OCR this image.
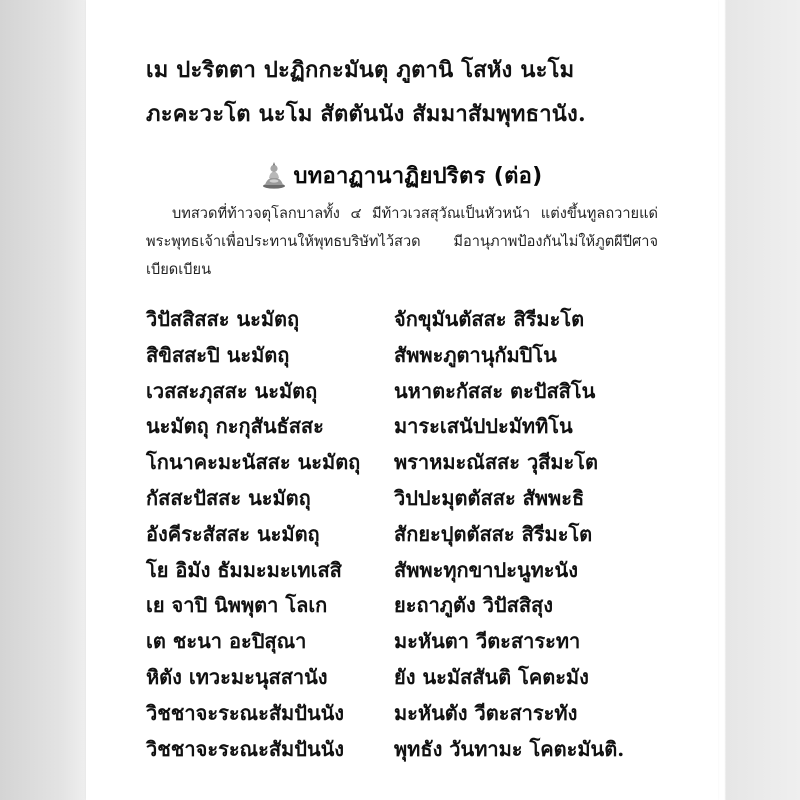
เม ปะริตตา ปะฏิกกะมันตุ ภูตานิ โสหัง นะโม

ภะคะวะโต นะโม สัตตันนัง สัมมาสัมพุทธานัง.

บทอาฏานาฏิยปริตร (ต่อ)

บทสวดที่ท้าวจตุโลกบาลทั้ง ๔ มีท้าวเวสสุวัณเป็นหัวหน้า แต่งขึ้นทูลถวายแด่พระพุทธเจ้าเพื่อประทานให้พุทธบริษัทไว้สวด มีอานุภาพป้องกันไม่ให้ภูตผีปีศาจเบียดเบียน

วิปัสสิสสะ นะมัตถุ	จักขุมันตัสสะ สิรีมะโต
สิขิสสะปิ นะมัตถุ	สัพพะภูตานุกัมปิโน
เวสสะภุสสะ นะมัตถุ	นหาตะกัสสะ ตะปัสสิโน
นะมัตถุ กะกุสันธัสสะ	มาระเสนัปปะมัททิโน
โกนาคะมะนัสสะ นะมัตถุ	พราหมะณัสสะ วุสีมะโต
กัสสะปัสสะ นะมัตถุ	วิปปะมุตตัสสะ สัพพะธิ
อังคีระสัสสะ นะมัตถุ	สักยะปุตตัสสะ สิรีมะโต
โย อิมัง ธัมมะมะเทเสสิ	สัพพะทุกขาปะนูทะนัง
เย จาปิ นิพพุตา โลเก	ยะถาภูตัง วิปัสสิสุง
เต ชะนา อะปิสุณา	มะหันตา วีตะสาระทา
หิตัง เทวะมะนุสสานัง	ยัง นะมัสสันติ โคตะมัง
วิชชาจะระณะสัมปันนัง	มะหันตัง วีตะสาระทัง
วิชชาจะระณะสัมปันนัง	พุทธัง วันทามะ โคตะมันติ.
